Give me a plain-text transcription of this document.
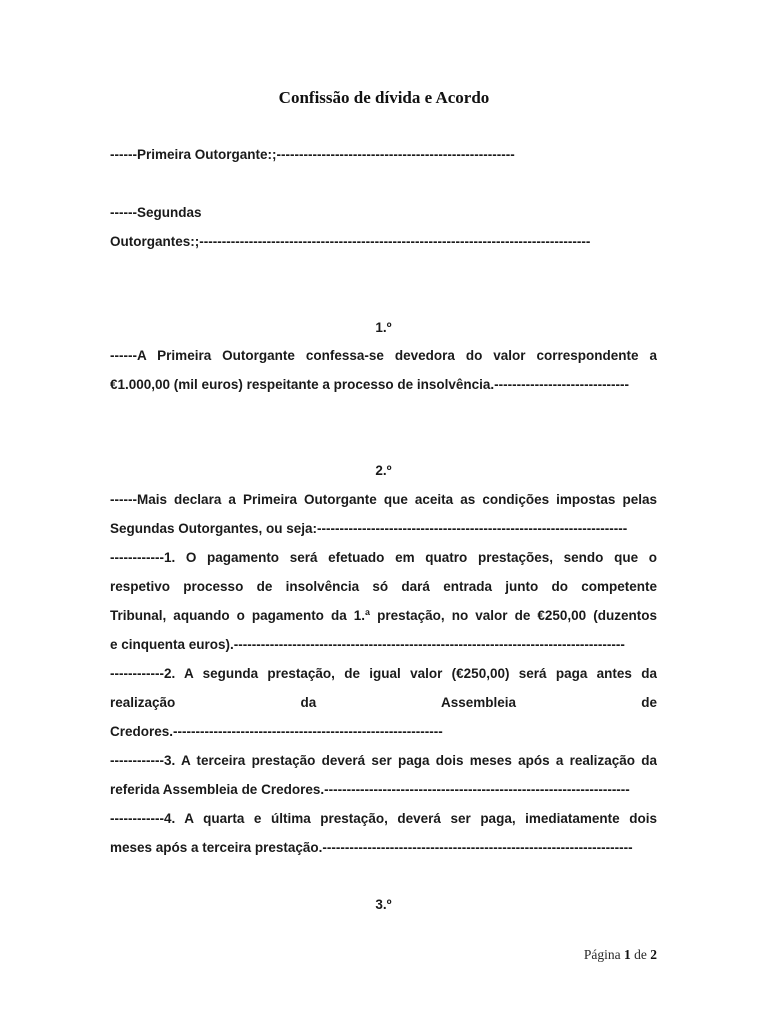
Confissão de dívida e Acordo
------Primeira Outorgante:;-----------------------------------------------------
------Segundas
Outorgantes:;---------------------------------------------------------------------------------------
1.º
------A Primeira Outorgante confessa-se devedora do valor correspondente a
€1.000,00 (mil euros) respeitante a processo de insolvência.------------------------------
2.º
------Mais declara a Primeira Outorgante que aceita as condições impostas pelas
Segundas Outorgantes, ou seja:---------------------------------------------------------------------
------------1. O pagamento será efetuado em quatro prestações, sendo que o
respetivo processo de insolvência só dará entrada junto do competente
Tribunal, aquando o pagamento da 1.ª prestação, no valor de €250,00 (duzentos
e cinquenta euros).---------------------------------------------------------------------------------------
------------2. A segunda prestação, de igual valor (€250,00) será paga antes da
realização da Assembleia de
Credores.------------------------------------------------------------
------------3. A terceira prestação deverá ser paga dois meses após a realização da
referida Assembleia de Credores.--------------------------------------------------------------------
------------4. A quarta e última prestação, deverá ser paga, imediatamente dois
meses após a terceira prestação.---------------------------------------------------------------------
3.º
Página 1 de 2
